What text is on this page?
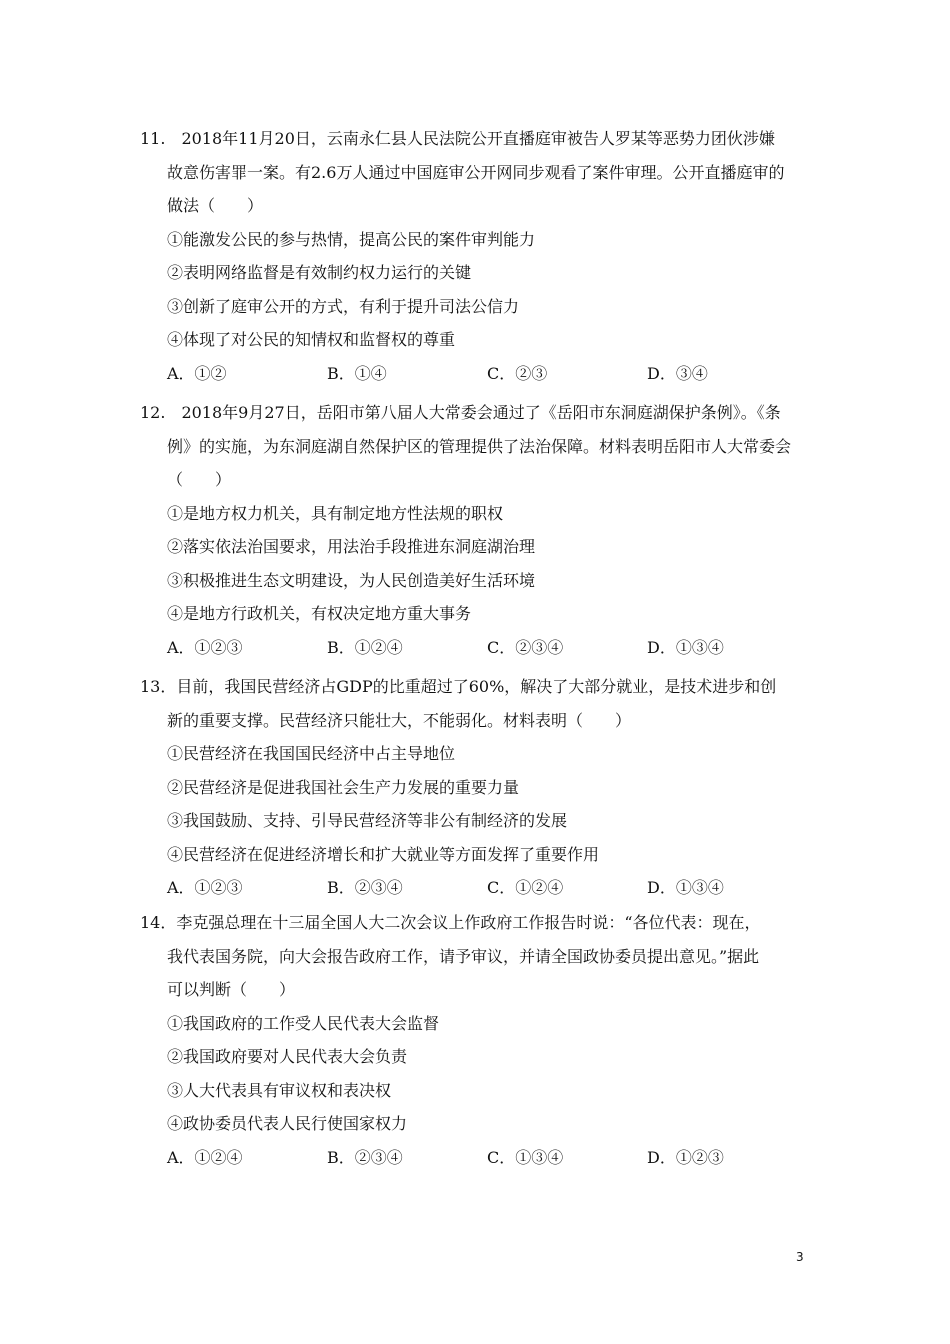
11.　2018年11月20日，云南永仁县人民法院公开直播庭审被告人罗某等恶势力团伙涉嫌
故意伤害罪一案。有2.6万人通过中国庭审公开网同步观看了案件审理。公开直播庭审的
做法（　　）
①能激发公民的参与热情，提高公民的案件审判能力
②表明网络监督是有效制约权力运行的关键
③创新了庭审公开的方式，有利于提升司法公信力
④体现了对公民的知情权和监督权的尊重
A．①②	B．①④	C．②③	D．③④
12.　2018年9月27日，岳阳市第八届人大常委会通过了《岳阳市东洞庭湖保护条例》。《条
例》的实施，为东洞庭湖自然保护区的管理提供了法治保障。材料表明岳阳市人大常委会
（　　）
①是地方权力机关，具有制定地方性法规的职权
②落实依法治国要求，用法治手段推进东洞庭湖治理
③积极推进生态文明建设，为人民创造美好生活环境
④是地方行政机关，有权决定地方重大事务
A．①②③	B．①②④	C．②③④	D．①③④
13．目前，我国民营经济占GDP的比重超过了60%，解决了大部分就业，是技术进步和创
新的重要支撑。民营经济只能壮大，不能弱化。材料表明（　　）
①民营经济在我国国民经济中占主导地位
②民营经济是促进我国社会生产力发展的重要力量
③我国鼓励、支持、引导民营经济等非公有制经济的发展
④民营经济在促进经济增长和扩大就业等方面发挥了重要作用
A．①②③	B．②③④	C．①②④	D．①③④
14．李克强总理在十三届全国人大二次会议上作政府工作报告时说：“各位代表：现在，
我代表国务院，向大会报告政府工作，请予审议，并请全国政协委员提出意见。”据此
可以判断（　　）
①我国政府的工作受人民代表大会监督
②我国政府要对人民代表大会负责
③人大代表具有审议权和表决权
④政协委员代表人民行使国家权力
A．①②④	B．②③④	C．①③④	D．①②③
3
